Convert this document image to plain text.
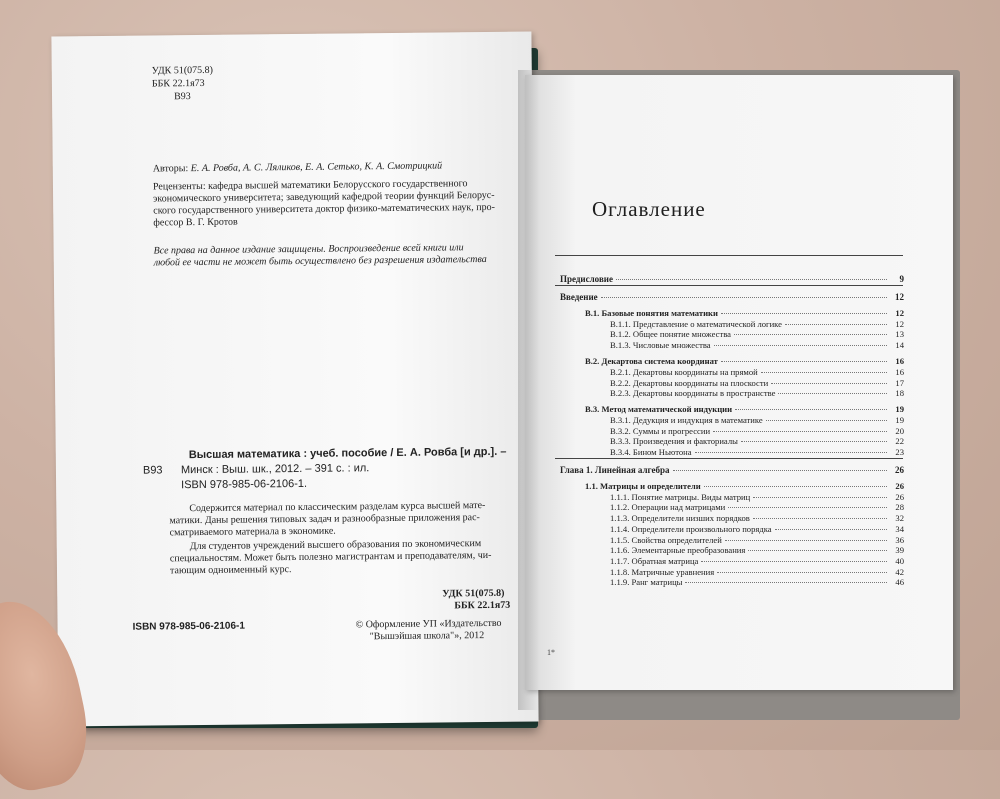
УДК 51(075.8)
ББК 22.1я73
В93
Авторы: Е. А. Ровба, А. С. Ляликов, Е. А. Сетько, К. А. Смотрицкий
Рецензенты: кафедра высшей математики Белорусского государственного
экономического университета; заведующий кафедрой теории функций Белорус-
ского государственного университета доктор физико-математических наук, про-
фессор В. Г. Кротов
Все права на данное издание защищены. Воспроизведение всей книги или
любой ее части не может быть осуществлено без разрешения издательства
Высшая математика : учеб. пособие / Е. А. Ровба [и др.]. –
В93 Минск : Выш. шк., 2012. – 391 с. : ил.
ISBN 978-985-06-2106-1.
Содержится материал по классическим разделам курса высшей мате-
матики. Даны решения типовых задач и разнообразные приложения рас-
сматриваемого материала в экономике.
Для студентов учреждений высшего образования по экономическим
специальностям. Может быть полезно магистрантам и преподавателям, чи-
тающим одноименный курс.
УДК 51(075.8)
ББК 22.1я73
ISBN 978-985-06-2106-1	© Оформление УП «Издательство
"Вышэйшая школа"», 2012
Оглавление
Предисловие	9
Введение	12
В.1. Базовые понятия математики	12
В.1.1. Представление о математической логике	12
В.1.2. Общее понятие множества	13
В.1.3. Числовые множества	14
В.2. Декартова система координат	16
В.2.1. Декартовы координаты на прямой	16
В.2.2. Декартовы координаты на плоскости	17
В.2.3. Декартовы координаты в пространстве	18
В.3. Метод математической индукции	19
В.3.1. Дедукция и индукция в математике	19
В.3.2. Суммы и прогрессии	20
В.3.3. Произведения и факториалы	22
В.3.4. Бином Ньютона	23
Глава 1. Линейная алгебра	26
1.1. Матрицы и определители	26
1.1.1. Понятие матрицы. Виды матриц	26
1.1.2. Операции над матрицами	28
1.1.3. Определители низших порядков	32
1.1.4. Определители произвольного порядка	34
1.1.5. Свойства определителей	36
1.1.6. Элементарные преобразования	39
1.1.7. Обратная матрица	40
1.1.8. Матричные уравнения	42
1.1.9. Ранг матрицы	46
1*
